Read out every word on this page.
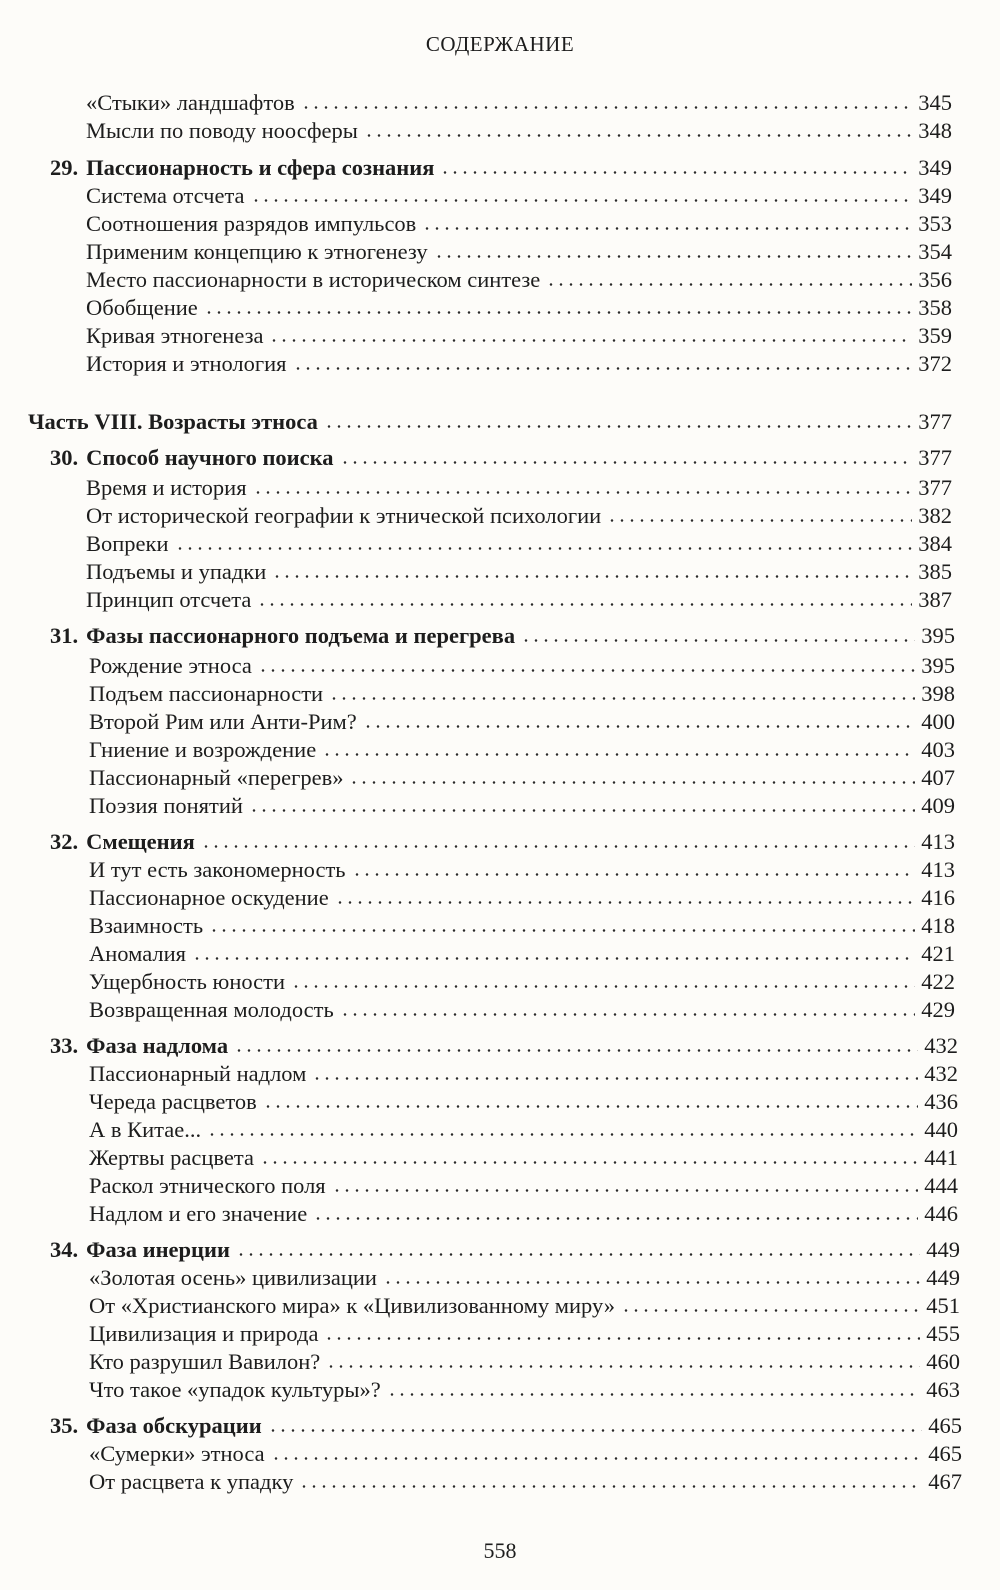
СОДЕРЖАНИЕ
«Стыки» ландшафтов	345
Мысли по поводу ноосферы	348
29. Пассионарность и сфера сознания	349
Система отсчета	349
Соотношения разрядов импульсов	353
Применим концепцию к этногенезу	354
Место пассионарности в историческом синтезе	356
Обобщение	358
Кривая этногенеза	359
История и этнология	372
Часть VIII. Возрасты этноса	377
30. Способ научного поиска	377
Время и история	377
От исторической географии к этнической психологии	382
Вопреки	384
Подъемы и упадки	385
Принцип отсчета	387
31. Фазы пассионарного подъема и перегрева	395
Рождение этноса	395
Подъем пассионарности	398
Второй Рим или Анти-Рим?	400
Гниение и возрождение	403
Пассионарный «перегрев»	407
Поэзия понятий	409
32. Смещения	413
И тут есть закономерность	413
Пассионарное оскудение	416
Взаимность	418
Аномалия	421
Ущербность юности	422
Возвращенная молодость	429
33. Фаза надлома	432
Пассионарный надлом	432
Череда расцветов	436
А в Китае...	440
Жертвы расцвета	441
Раскол этнического поля	444
Надлом и его значение	446
34. Фаза инерции	449
«Золотая осень» цивилизации	449
От «Христианского мира» к «Цивилизованному миру»	451
Цивилизация и природа	455
Кто разрушил Вавилон?	460
Что такое «упадок культуры»?	463
35. Фаза обскурации	465
«Сумерки» этноса	465
От расцвета к упадку	467
558
